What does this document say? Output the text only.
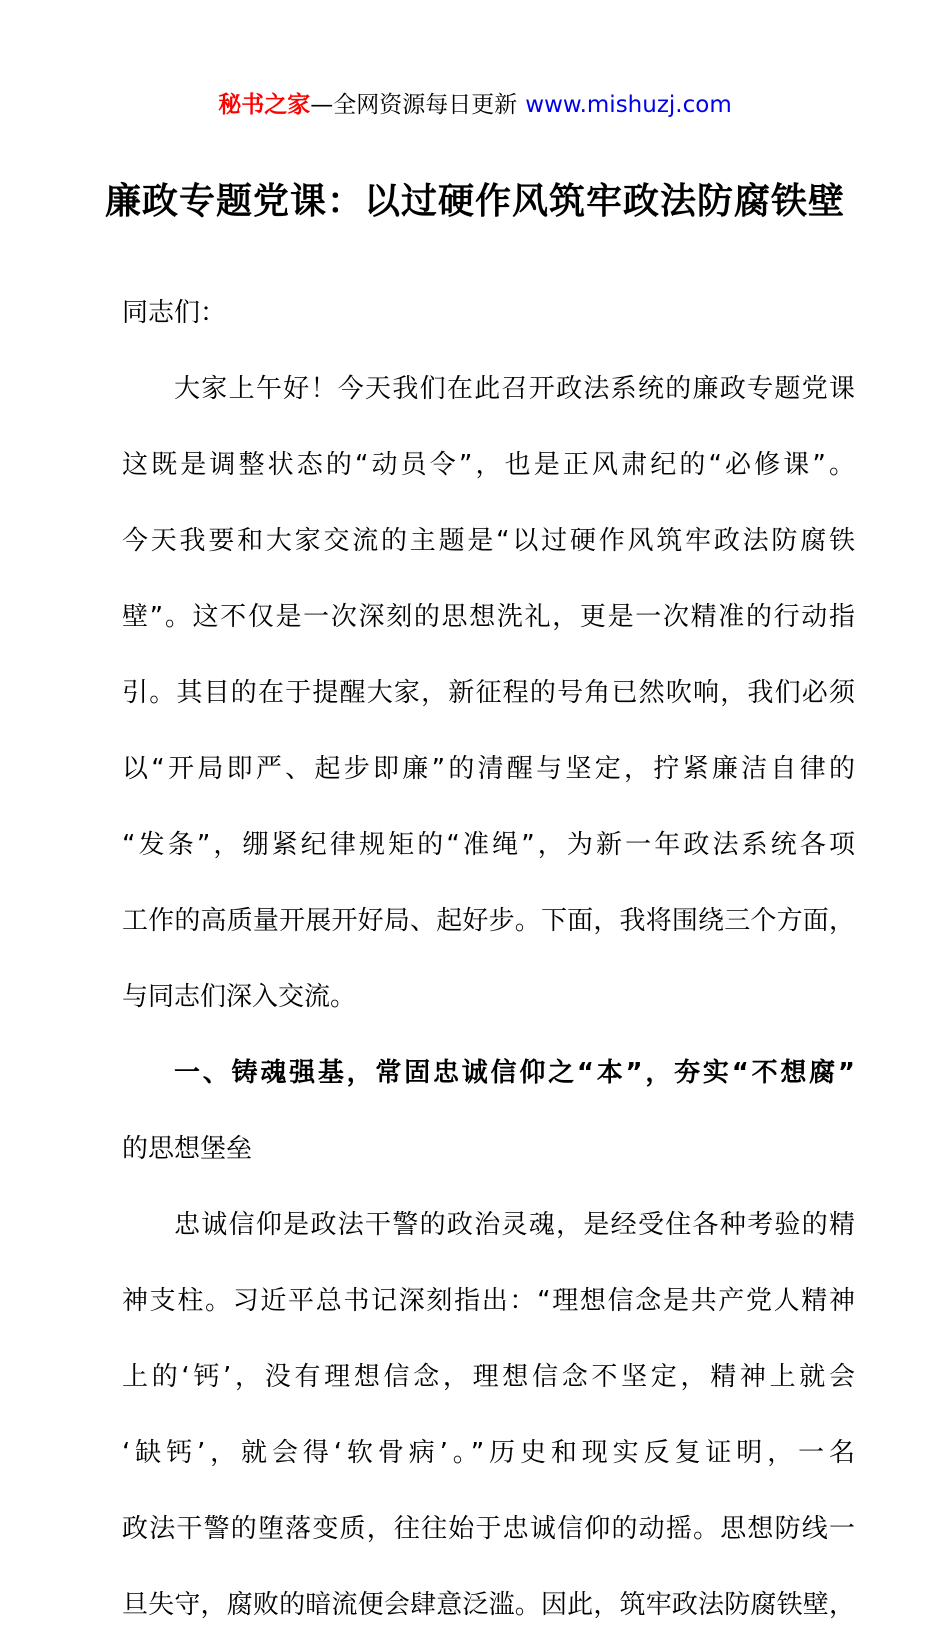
秘书之家—全网资源每日更新 www.mishuzj.com
廉政专题党课：以过硬作风筑牢政法防腐铁壁

同志们：

大家上午好！今天我们在此召开政法系统的廉政专题党课

这既是调整状态的“动员令”，也是正风肃纪的“必修课”。

今天我要和大家交流的主题是“以过硬作风筑牢政法防腐铁

壁”。这不仅是一次深刻的思想洗礼，更是一次精准的行动指

引。其目的在于提醒大家，新征程的号角已然吹响，我们必须

以“开局即严、起步即廉”的清醒与坚定，拧紧廉洁自律的

“发条”，绷紧纪律规矩的“准绳”，为新一年政法系统各项

工作的高质量开展开好局、起好步。下面，我将围绕三个方面，

与同志们深入交流。

一、铸魂强基，常固忠诚信仰之“本”，夯实“不想腐”

的思想堡垒

忠诚信仰是政法干警的政治灵魂，是经受住各种考验的精

神支柱。习近平总书记深刻指出：“理想信念是共产党人精神

上的‘钙’，没有理想信念，理想信念不坚定，精神上就会

‘缺钙’，就会得‘软骨病’。”历史和现实反复证明，一名

政法干警的堕落变质，往往始于忠诚信仰的动摇。思想防线一

旦失守，腐败的暗流便会肆意泛滥。因此，筑牢政法防腐铁壁，
